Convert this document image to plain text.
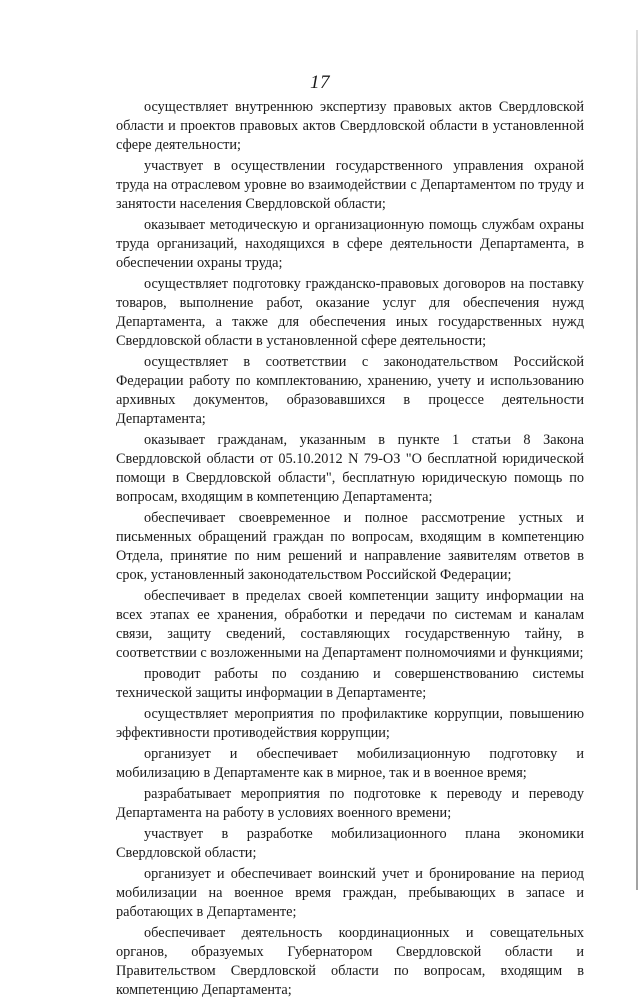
17

осуществляет внутреннюю экспертизу правовых актов Свердловской области и проектов правовых актов Свердловской области в установленной сфере деятельности;

участвует в осуществлении государственного управления охраной труда на отраслевом уровне во взаимодействии с Департаментом по труду и занятости населения Свердловской области;

оказывает методическую и организационную помощь службам охраны труда организаций, находящихся в сфере деятельности Департамента, в обеспечении охраны труда;

осуществляет подготовку гражданско-правовых договоров на поставку товаров, выполнение работ, оказание услуг для обеспечения нужд Департамента, а также для обеспечения иных государственных нужд Свердловской области в установленной сфере деятельности;

осуществляет в соответствии с законодательством Российской Федерации работу по комплектованию, хранению, учету и использованию архивных документов, образовавшихся в процессе деятельности Департамента;

оказывает гражданам, указанным в пункте 1 статьи 8 Закона Свердловской области от 05.10.2012 N 79-ОЗ "О бесплатной юридической помощи в Свердловской области", бесплатную юридическую помощь по вопросам, входящим в компетенцию Департамента;

обеспечивает своевременное и полное рассмотрение устных и письменных обращений граждан по вопросам, входящим в компетенцию Отдела, принятие по ним решений и направление заявителям ответов в срок, установленный законодательством Российской Федерации;

обеспечивает в пределах своей компетенции защиту информации на всех этапах ее хранения, обработки и передачи по системам и каналам связи, защиту сведений, составляющих государственную тайну, в соответствии с возложенными на Департамент полномочиями и функциями;

проводит работы по созданию и совершенствованию системы технической защиты информации в Департаменте;

осуществляет мероприятия по профилактике коррупции, повышению эффективности противодействия коррупции;

организует и обеспечивает мобилизационную подготовку и мобилизацию в Департаменте как в мирное, так и в военное время;

разрабатывает мероприятия по подготовке к переводу и переводу Департамента на работу в условиях военного времени;

участвует в разработке мобилизационного плана экономики Свердловской области;

организует и обеспечивает воинский учет и бронирование на период мобилизации на военное время граждан, пребывающих в запасе и работающих в Департаменте;

обеспечивает деятельность координационных и совещательных органов, образуемых Губернатором Свердловской области и Правительством Свердловской области по вопросам, входящим в компетенцию Департамента;
